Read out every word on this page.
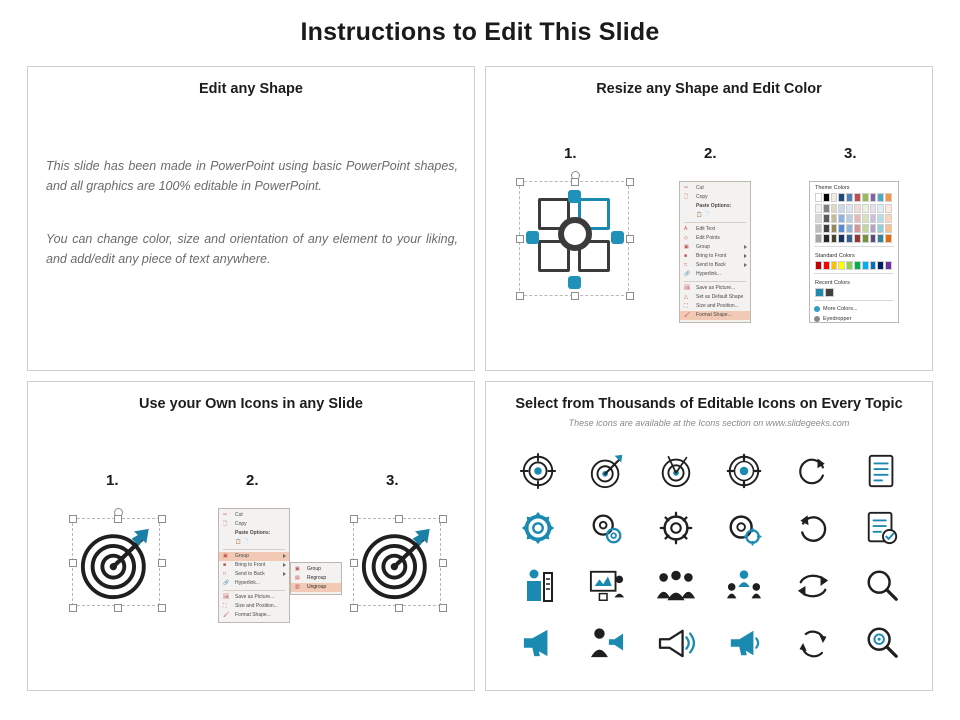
Instructions to Edit This Slide
Edit any Shape
This slide has been made in PowerPoint using basic PowerPoint shapes, and all graphics are 100% editable in PowerPoint.
You can change color, size and orientation of any element to your liking, and add/edit any piece of text anywhere.
Resize any Shape and Edit Color
1.	2.	3.
✂	Cut
🗋	Copy
Paste Options:
📋 📄
A	Edit Text
◇	Edit Points
▣	Group
■	Bring to Front
□	Send to Back
🔗 Hyperlink...
🖼 Save as Picture...
△	Set as Default Shape
⛶	Size and Position...
🖌 Format Shape...
Theme Colors
Standard Colors
Recent Colors
More Colors...
Eyedropper
Use your Own Icons in any Slide
1.	2.	3.
✂	Cut
🗋	Copy
Paste Options:
📋 📄
▣	Group
■	Bring to Front
□	Send to Back
🔗 Hyperlink...
🖼 Save as Picture...
⛶	Size and Position...
🖌 Format Shape...
▣	Group
▤	Regroup
▥	Ungroup
Select from Thousands of Editable Icons on Every Topic
These icons are available at the Icons section on www.slidegeeks.com
